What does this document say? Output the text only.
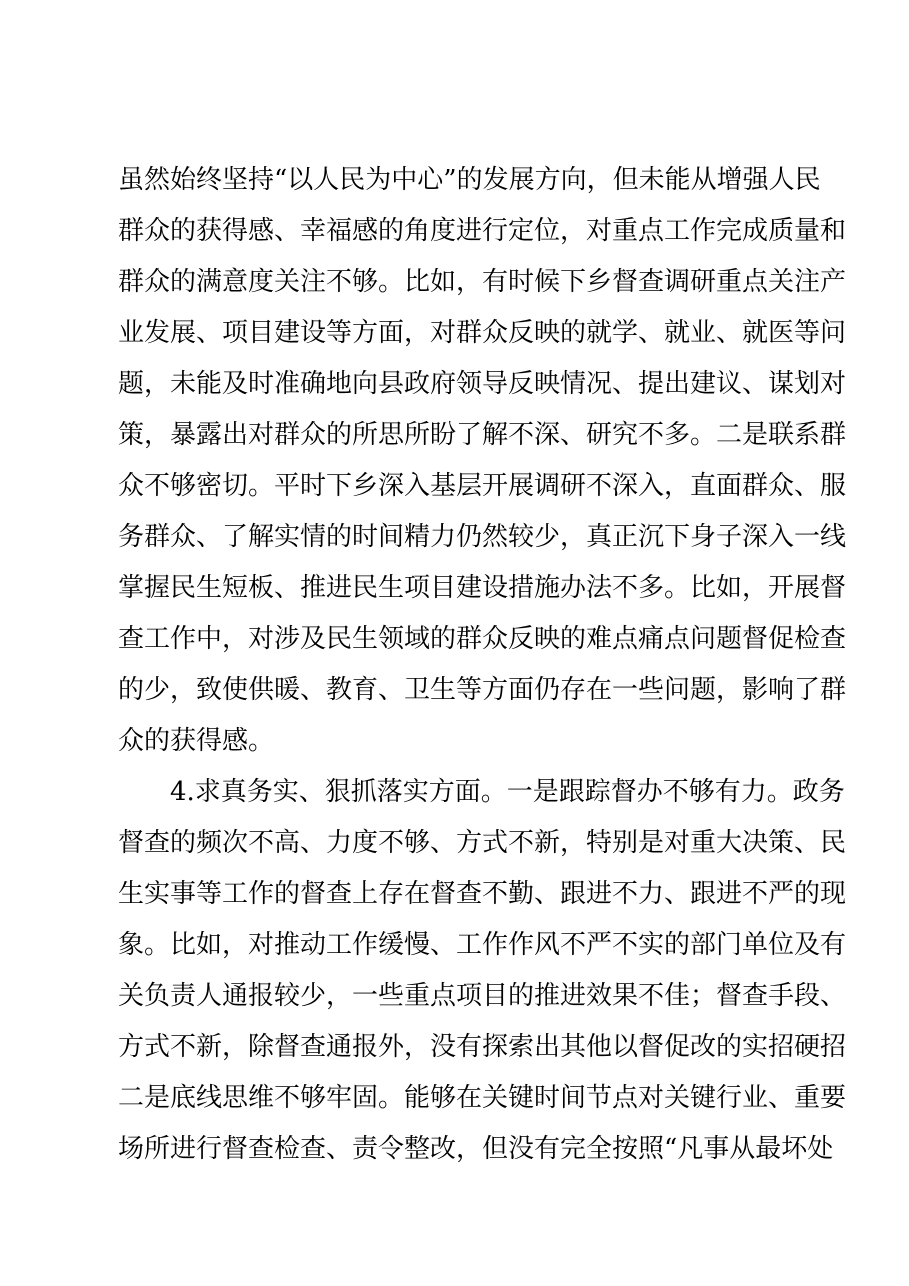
虽然始终坚持“以人民为中心”的发展方向，但未能从增强人民
群众的获得感、幸福感的角度进行定位，对重点工作完成质量和
群众的满意度关注不够。比如，有时候下乡督查调研重点关注产
业发展、项目建设等方面，对群众反映的就学、就业、就医等问
题，未能及时准确地向县政府领导反映情况、提出建议、谋划对
策，暴露出对群众的所思所盼了解不深、研究不多。二是联系群
众不够密切。平时下乡深入基层开展调研不深入，直面群众、服
务群众、了解实情的时间精力仍然较少，真正沉下身子深入一线
掌握民生短板、推进民生项目建设措施办法不多。比如，开展督
查工作中，对涉及民生领域的群众反映的难点痛点问题督促检查
的少，致使供暖、教育、卫生等方面仍存在一些问题，影响了群
众的获得感。
4.求真务实、狠抓落实方面。一是跟踪督办不够有力。政务
督查的频次不高、力度不够、方式不新，特别是对重大决策、民
生实事等工作的督查上存在督查不勤、跟进不力、跟进不严的现
象。比如，对推动工作缓慢、工作作风不严不实的部门单位及有
关负责人通报较少，一些重点项目的推进效果不佳；督查手段、
方式不新，除督查通报外，没有探索出其他以督促改的实招硬招
二是底线思维不够牢固。能够在关键时间节点对关键行业、重要
场所进行督查检查、责令整改，但没有完全按照“凡事从最坏处
